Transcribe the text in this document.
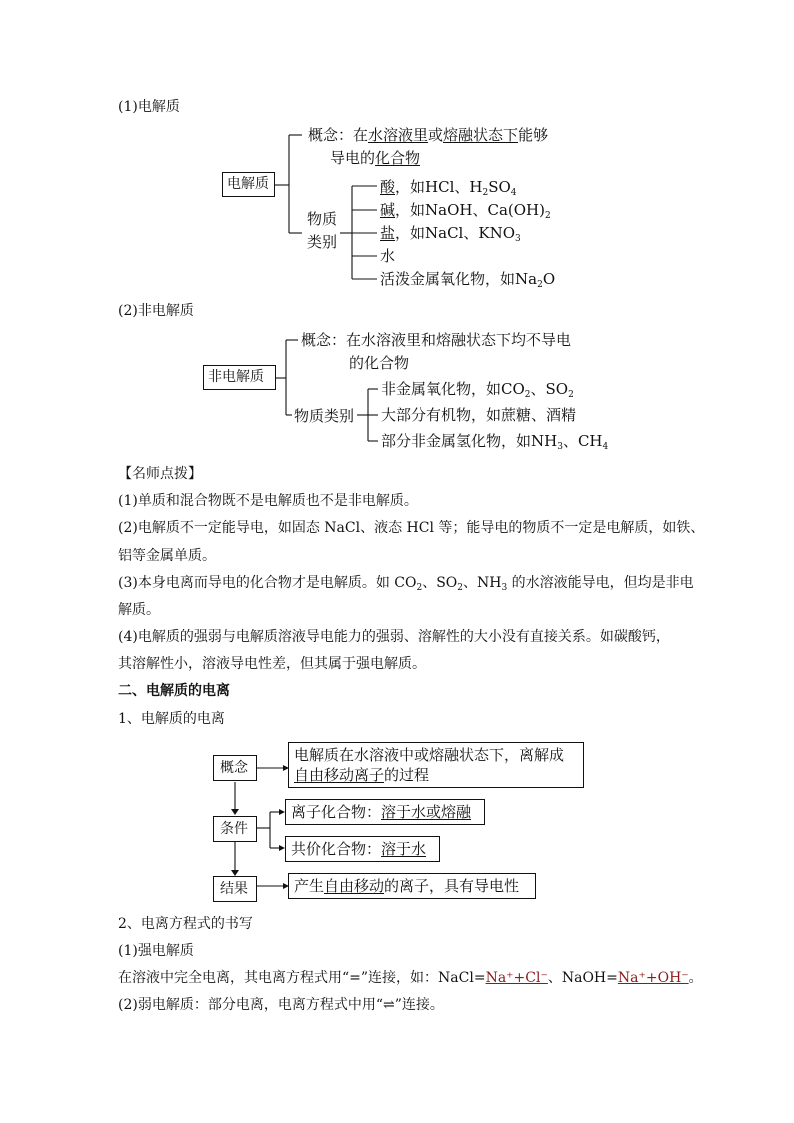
(1)电解质
电解质
概念：在水溶液里或熔融状态下能够
导电的化合物
物质
类别
酸，如HCl、$H_2SO_4$
碱，如NaOH、$Ca(OH)_2$
盐，如NaCl、$KNO_3$
水
活泼金属氧化物，如$Na_2O$
(2)非电解质
非电解质
概念：在水溶液里和熔融状态下均不导电
的化合物
物质类别
非金属氧化物，如$CO_2$、$SO_2$
大部分有机物，如蔗糖、酒精
部分非金属氢化物，如$NH_3$、$CH_4$
【名师点拨】
(1)单质和混合物既不是电解质也不是非电解质。
(2)电解质不一定能导电，如固态 NaCl、液态 HCl 等；能导电的物质不一定是电解质，如铁、
铝等金属单质。
(3)本身电离而导电的化合物才是电解质。如 $CO_2$、$SO_2$、$NH_3$ 的水溶液能导电，但均是非电
解质。
(4)电解质的强弱与电解质溶液导电能力的强弱、溶解性的大小没有直接关系。如碳酸钙，
其溶解性小，溶液导电性差，但其属于强电解质。
二、电解质的电离
1、电解质的电离
概念
条件
结果
电解质在水溶液中或熔融状态下，离解成
自由移动离子的过程
离子化合物：溶于水或熔融
共价化合物：溶于水
产生自由移动的离子，具有导电性
2、电离方程式的书写
(1)强电解质
在溶液中完全电离，其电离方程式用“=”连接，如：NaCl=Na⁺+Cl⁻、NaOH=Na⁺+OH⁻。
(2)弱电解质：部分电离，电离方程式中用“⇌”连接。
